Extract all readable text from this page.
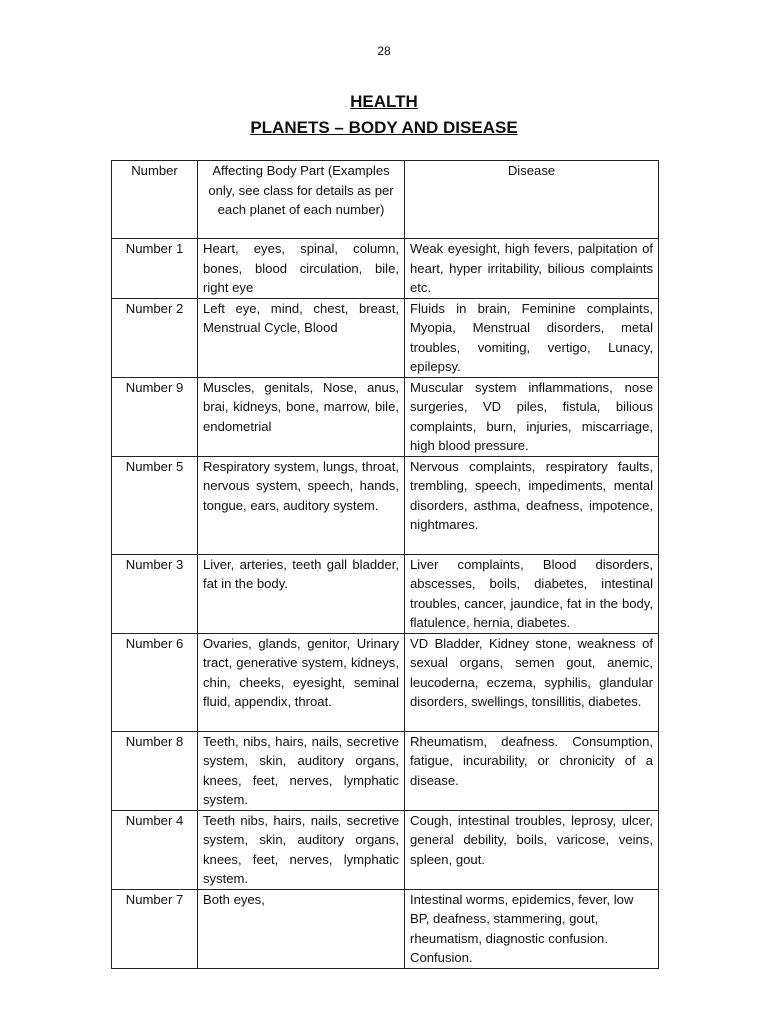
28
HEALTH
PLANETS – BODY AND DISEASE
Number	Affecting Body Part (Examples only, see class for details as per each planet of each number)	Disease
Number 1	Heart, eyes, spinal, column, bones, blood circulation, bile, right eye	Weak eyesight, high fevers, palpitation of heart, hyper irritability, bilious complaints etc.
Number 2	Left eye, mind, chest, breast, Menstrual Cycle, Blood	Fluids in brain, Feminine complaints, Myopia, Menstrual disorders, metal troubles, vomiting, vertigo, Lunacy, epilepsy.
Number 9	Muscles, genitals, Nose, anus, brai, kidneys, bone, marrow, bile, endometrial	Muscular system inflammations, nose surgeries, VD piles, fistula, bilious complaints, burn, injuries, miscarriage, high blood pressure.
Number 5	Respiratory system, lungs, throat, nervous system, speech, hands, tongue, ears, auditory system.	Nervous complaints, respiratory faults, trembling, speech, impediments, mental disorders, asthma, deafness, impotence, nightmares.
Number 3	Liver, arteries, teeth gall bladder, fat in the body.	Liver complaints, Blood disorders, abscesses, boils, diabetes, intestinal troubles, cancer, jaundice, fat in the body, flatulence, hernia, diabetes.
Number 6	Ovaries, glands, genitor, Urinary tract, generative system, kidneys, chin, cheeks, eyesight, seminal fluid, appendix, throat.	VD Bladder, Kidney stone, weakness of sexual organs, semen gout, anemic, leucoderna, eczema, syphilis, glandular disorders, swellings, tonsillitis, diabetes.
Number 8	Teeth, nibs, hairs, nails, secretive system, skin, auditory organs, knees, feet, nerves, lymphatic system.	Rheumatism, deafness. Consumption, fatigue, incurability, or chronicity of a disease.
Number 4	Teeth nibs, hairs, nails, secretive system, skin, auditory organs, knees, feet, nerves, lymphatic system.	Cough, intestinal troubles, leprosy, ulcer, general debility, boils, varicose, veins, spleen, gout.
Number 7	Both eyes,	Intestinal worms, epidemics, fever, low BP, deafness, stammering, gout, rheumatism, diagnostic confusion. Confusion.
